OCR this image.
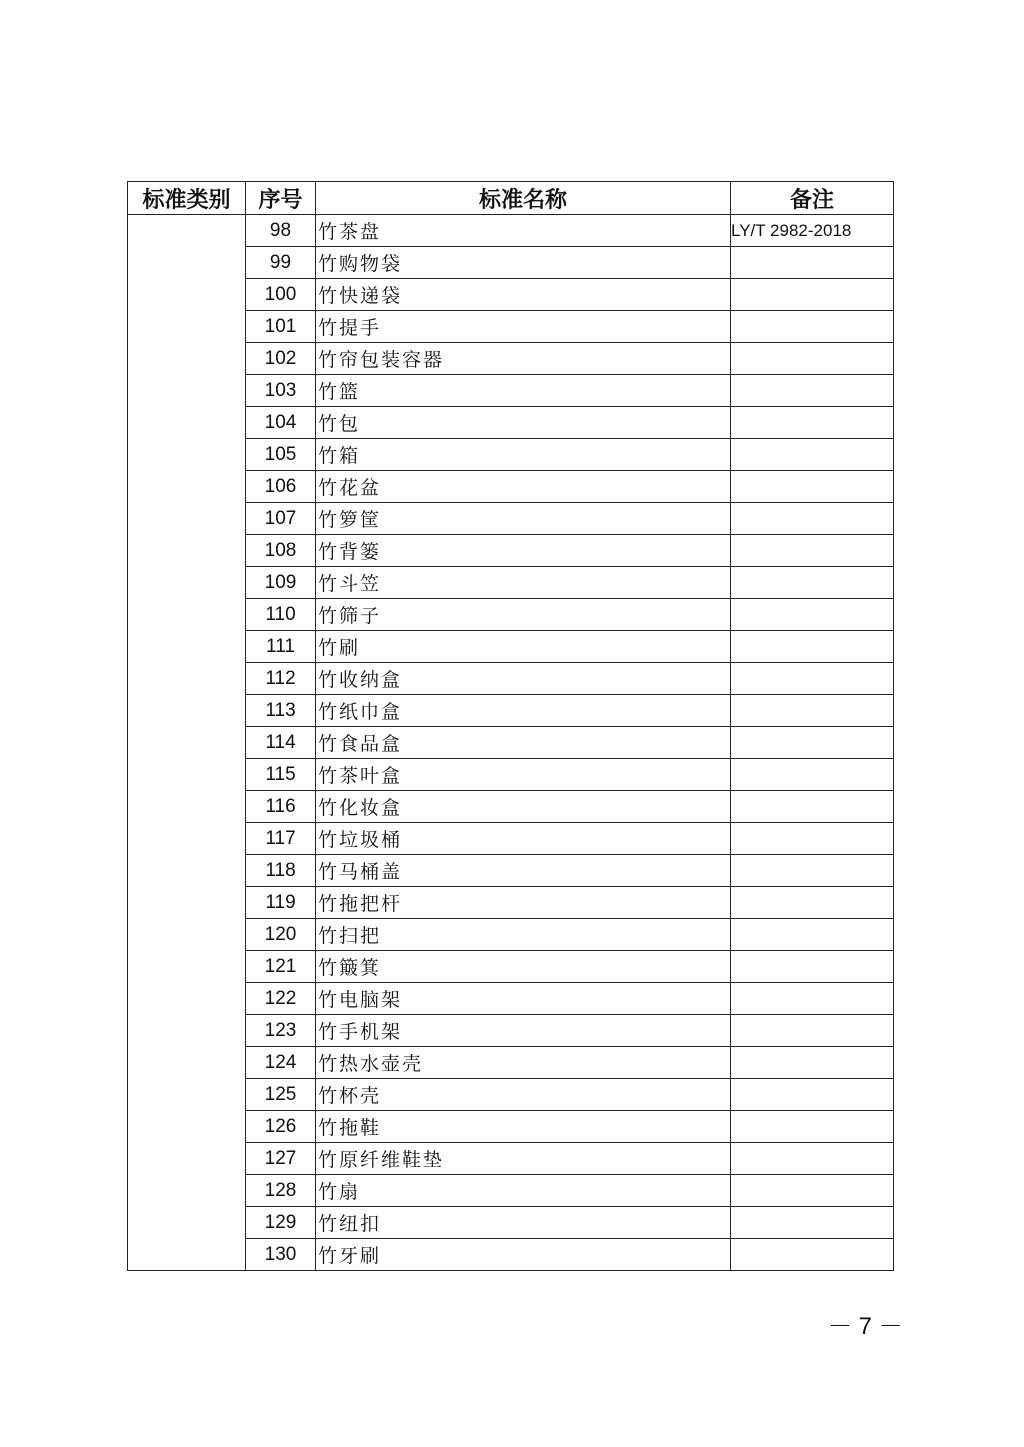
标准类别	序号	标准名称	备注
	98	竹茶盘	LY/T 2982-2018
	99	竹购物袋	
	100	竹快递袋	
	101	竹提手	
	102	竹帘包装容器	
	103	竹篮	
	104	竹包	
	105	竹箱	
	106	竹花盆	
	107	竹箩筐	
	108	竹背篓	
	109	竹斗笠	
	110	竹筛子	
	111	竹刷	
	112	竹收纳盒	
	113	竹纸巾盒	
	114	竹食品盒	
	115	竹茶叶盒	
	116	竹化妆盒	
	117	竹垃圾桶	
	118	竹马桶盖	
	119	竹拖把杆	
	120	竹扫把	
	121	竹簸箕	
	122	竹电脑架	
	123	竹手机架	
	124	竹热水壶壳	
	125	竹杯壳	
	126	竹拖鞋	
	127	竹原纤维鞋垫	
	128	竹扇	
	129	竹纽扣	
	130	竹牙刷	
－ 7 －
